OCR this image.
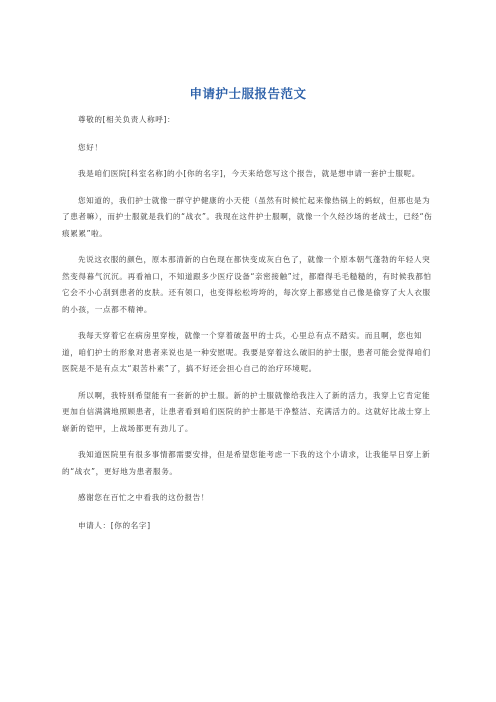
申请护士服报告范文

尊敬的[相关负责人称呼]：

您好！

我是咱们医院[科室名称]的小[你的名字]，今天来给您写这个报告，就是想申请一套护士服呢。

您知道的，我们护士就像一群守护健康的小天使（虽然有时候忙起来像热锅上的蚂蚁，但那也是为了患者嘛），而护士服就是我们的“战衣”。我现在这件护士服啊，就像一个久经沙场的老战士，已经“伤痕累累”啦。

先说这衣服的颜色，原本那清新的白色现在都快变成灰白色了，就像一个原本朝气蓬勃的年轻人突然变得暮气沉沉。再看袖口，不知道跟多少医疗设备“亲密接触”过，都磨得毛毛糙糙的，有时候我都怕它会不小心刮到患者的皮肤。还有领口，也变得松松垮垮的，每次穿上都感觉自己像是偷穿了大人衣服的小孩，一点都不精神。

我每天穿着它在病房里穿梭，就像一个穿着破盔甲的士兵，心里总有点不踏实。而且啊，您也知道，咱们护士的形象对患者来说也是一种安慰呢。我要是穿着这么破旧的护士服，患者可能会觉得咱们医院是不是有点太“艰苦朴素”了，搞不好还会担心自己的治疗环境呢。

所以啊，我特别希望能有一套新的护士服。新的护士服就像给我注入了新的活力，我穿上它肯定能更加自信满满地照顾患者，让患者看到咱们医院的护士都是干净整洁、充满活力的。这就好比战士穿上崭新的铠甲，上战场都更有劲儿了。

我知道医院里有很多事情都需要安排，但是希望您能考虑一下我的这个小请求，让我能早日穿上新的“战衣”，更好地为患者服务。

感谢您在百忙之中看我的这份报告！

申请人：[你的名字]
